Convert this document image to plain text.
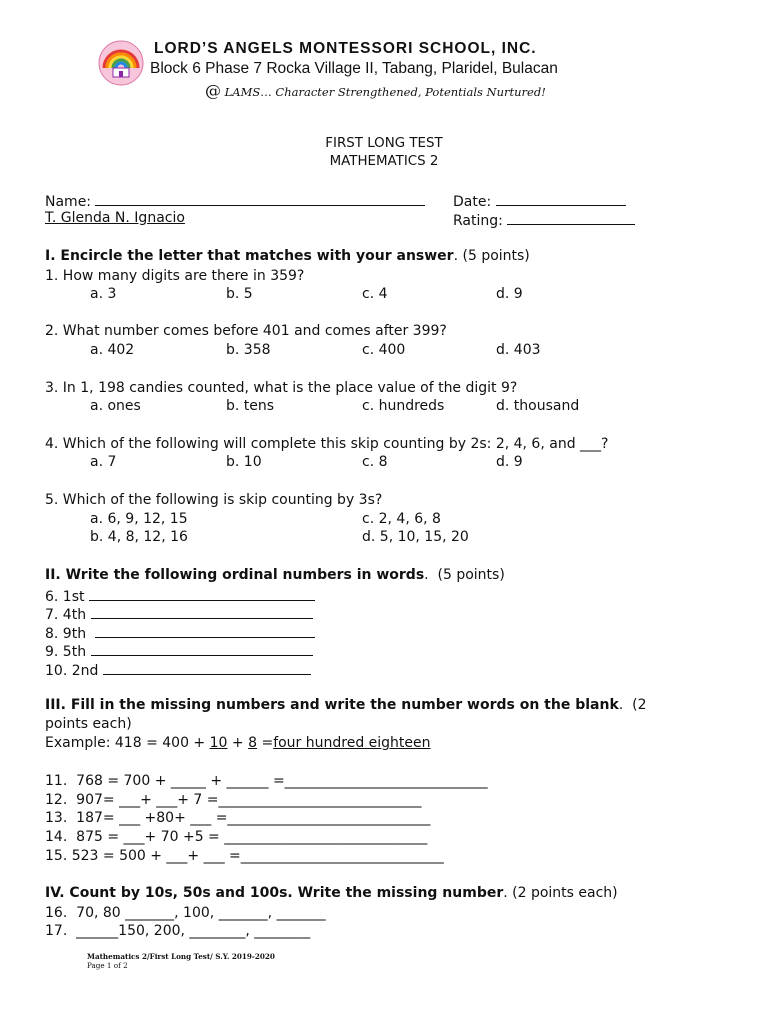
LORD’S ANGELS MONTESSORI SCHOOL, INC.
Block 6 Phase 7 Rocka Village II, Tabang, Plaridel, Bulacan
@ LAMS… Character Strengthened, Potentials Nurtured!
FIRST LONG TEST
MATHEMATICS 2
Name:	Date:
T. Glenda N. Ignacio	Rating:
I. Encircle the letter that matches with your answer. (5 points)
1. How many digits are there in 359?
a. 3	b. 5	c. 4	d. 9
2. What number comes before 401 and comes after 399?
a. 402	b. 358	c. 400	d. 403
3. In 1, 198 candies counted, what is the place value of the digit 9?
a. ones	b. tens	c. hundreds	d. thousand
4. Which of the following will complete this skip counting by 2s: 2, 4, 6, and ___?
a. 7	b. 10	c. 8	d. 9
5. Which of the following is skip counting by 3s?
a. 6, 9, 12, 15	c. 2, 4, 6, 8
b. 4, 8, 12, 16	d. 5, 10, 15, 20
II. Write the following ordinal numbers in words.  (5 points)
6. 1st
7. 4th
8. 9th
9. 5th
10. 2nd
III. Fill in the missing numbers and write the number words on the blank.  (2
points each)
Example: 418 = 400 + 10 + 8 =four hundred eighteen
11.  768 = 700 + _____ + ______ =_____________________________
12.  907= ___+ ___+ 7 =_____________________________
13.  187= ___ +80+ ___ =_____________________________
14.  875 = ___+ 70 +5 = _____________________________
15. 523 = 500 + ___+ ___ =_____________________________
IV. Count by 10s, 50s and 100s. Write the missing number. (2 points each)
16.  70, 80 _______, 100, _______, _______
17.  ______150, 200, ________, ________
Mathematics 2/First Long Test/ S.Y. 2019-2020
Page 1 of 2
